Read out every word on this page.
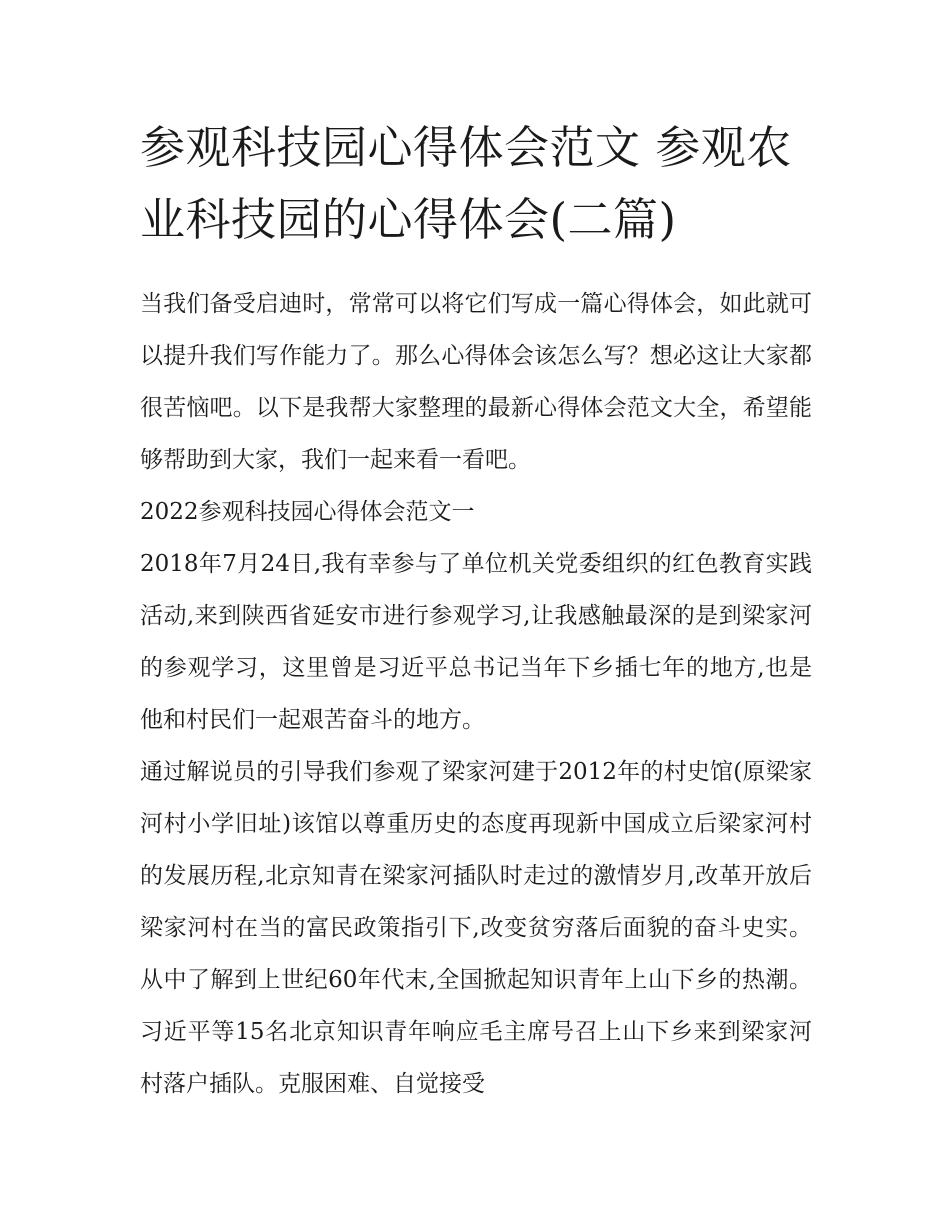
参观科技园心得体会范文 参观农业科技园的心得体会(二篇)

当我们备受启迪时，常常可以将它们写成一篇心得体会，如此就可以提升我们写作能力了。那么心得体会该怎么写？想必这让大家都很苦恼吧。以下是我帮大家整理的最新心得体会范文大全，希望能够帮助到大家，我们一起来看一看吧。

2022参观科技园心得体会范文一

2018年7月24日,我有幸参与了单位机关党委组织的红色教育实践活动,来到陕西省延安市进行参观学习,让我感触最深的是到梁家河的参观学习，这里曾是习近平总书记当年下乡插七年的地方,也是他和村民们一起艰苦奋斗的地方。

通过解说员的引导我们参观了梁家河建于2012年的村史馆(原梁家河村小学旧址)该馆以尊重历史的态度再现新中国成立后梁家河村的发展历程,北京知青在梁家河插队时走过的激情岁月,改革开放后梁家河村在当的富民政策指引下,改变贫穷落后面貌的奋斗史实。从中了解到上世纪60年代末,全国掀起知识青年上山下乡的热潮。习近平等15名北京知识青年响应毛主席号召上山下乡来到梁家河村落户插队。克服困难、自觉接受
